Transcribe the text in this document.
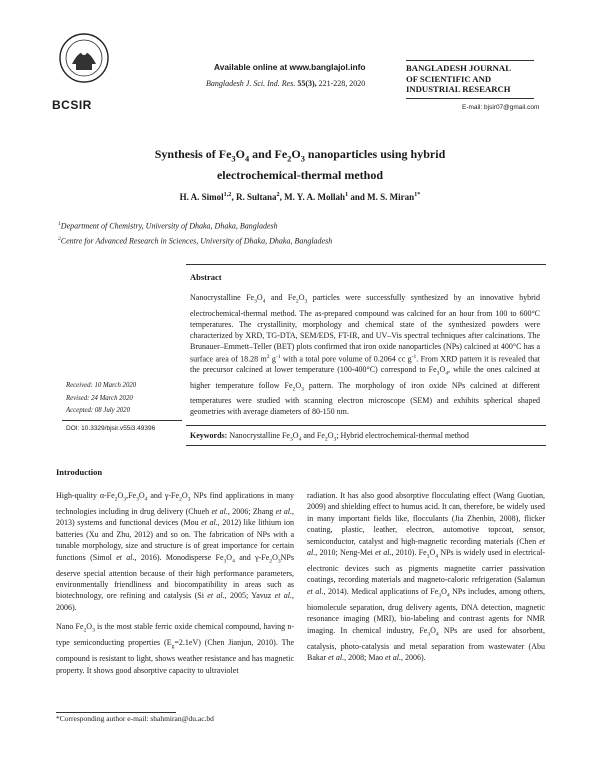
BCSIR
Available online at www.banglajol.info
Bangladesh J. Sci. Ind. Res. 55(3), 221-228, 2020
BANGLADESH JOURNAL
OF SCIENTIFIC AND
INDUSTRIAL RESEARCH
E-mail: bjsir07@gmail.com
Synthesis of $Fe_3O_4$ and $Fe_2O_3$ nanoparticles using hybrid
electrochemical-thermal method
H. A. Simol$^{1,2}$, R. Sultana$^2$, M. Y. A. Mollah$^1$ and M. S. Miran$^{1*}$
$^1$Department of Chemistry, University of Dhaka, Dhaka, Bangladesh
$^2$Centre for Advanced Research in Sciences, University of Dhaka, Dhaka, Bangladesh
Abstract
Nanocrystalline $Fe_3O_4$ and $Fe_2O_3$ particles were successfully synthesized by an innovative hybrid electrochemical-thermal method. The as-prepared compound was calcined for an hour from 100 to 600°C temperatures. The crystallinity, morphology and chemical state of the synthesized powders were characterized by XRD, TG-DTA, SEM/EDS, FT-IR, and UV–Vis spectral techniques after calcinations. The Brunauer–Emmett–Teller (BET) plots confirmed that iron oxide nanoparticles (NPs) calcined at 400°C has a surface area of 18.28 $m^2$ $g^{-1}$ with a total pore volume of 0.2064 cc $g^{-1}$. From XRD pattern it is revealed that the precursor calcined at lower temperature (100-400°C) correspond to $Fe_3O_4$, while the ones calcined at higher temperature follow $Fe_2O_3$ pattern. The morphology of iron oxide NPs calcined at different temperatures were studied with scanning electron microscope (SEM) and exhibits spherical shaped geometries with average diameters of 80-150 nm.
Received: 10 March 2020
Revised: 24 March 2020
Accepted: 08 July 2020
DOI: 10.3329/bjsir.v55i3.49396
Keywords: Nanocrystalline $Fe_3O_4$ and $Fe_2O_3$; Hybrid electrochemical-thermal method
Introduction

High-quality $\alpha-Fe_2O_3,Fe_3O_4$ and $\gamma-Fe_2O_3$ NPs find applications in many technologies including in drug delivery (Chueh et al., 2006; Zhang et al., 2013) systems and functional devices (Mou et al., 2012) like lithium ion batteries (Xu and Zhu, 2012) and so on. The fabrication of NPs with a tunable morphology, size and structure is of great importance for certain functions (Simol et al., 2016). Monodisperse $Fe_3O_4$ and $\gamma-Fe_2O_3NPs$ deserve special attention because of their high performance parameters, environmentally friendliness and biocompatibility in areas such as biotechnology, ore refining and catalysis (Si et al., 2005; Yavuz et al., 2006).

Nano $Fe_2O_3$ is the most stable ferric oxide chemical compound, having n- type semiconducting properties $(E_g=2.1eV)$ (Chen Jianjun, 2010). The compound is resistant to light, shows weather resistance and has magnetic property. It shows good absorptive capacity to ultraviolet

radiation. It has also good absorptive flocculating effect (Wang Guotian, 2009) and shielding effect to humus acid. It can, therefore, be widely used in many important fields like, flocculants (Jia Zhenbin, 2008), flicker coating, plastic, leather, electron, automotive topcoat, sensor, semiconductor, catalyst and high-magnetic recording materials (Chen et al., 2010; Neng-Mei et al., 2010). $Fe_3O_4$ NPs is widely used in electrical-electronic devices such as pigments magnetite carrier passivation coatings, recording materials and magneto-caloric refrigeration (Salamun et al., 2014). Medical applications of $Fe_3O_4$ NPs includes, among others, biomolecule separation, drug delivery agents, DNA detection, magnetic resonance imaging (MRI), bio-labeling and contrast agents for NMR imaging. In chemical industry, $Fe_3O_4$ NPs are used for absorbent, catalysis, photo-catalysis and metal separation from wastewater (Abu Bakar et al., 2008; Mao et al., 2006).

*Corresponding author e-mail: shahmiran@du.ac.bd
